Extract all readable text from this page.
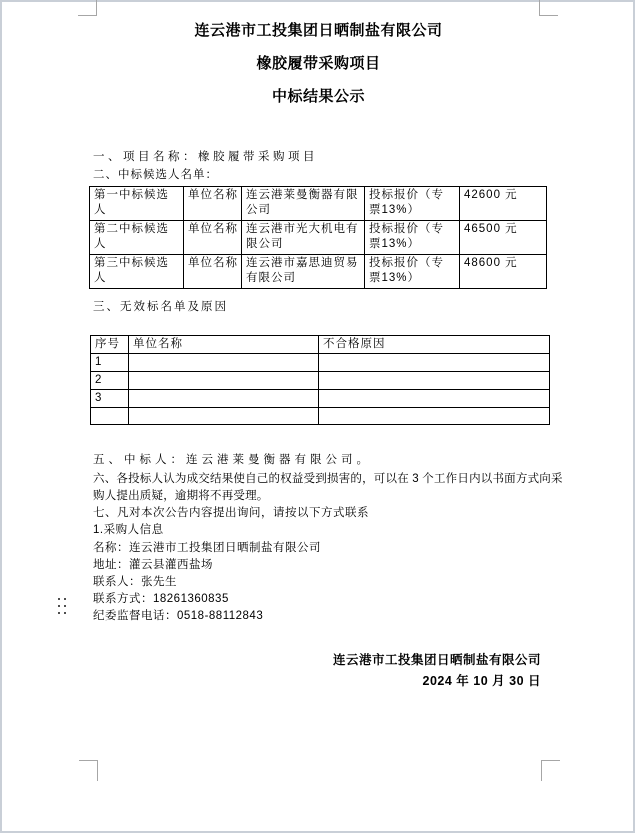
连云港市工投集团日晒制盐有限公司
橡胶履带采购项目
中标结果公示
一、项目名称：橡胶履带采购项目
二、中标候选人名单：
第一中标候选人	单位名称	连云港莱曼衡器有限公司	投标报价（专票13%）	42600 元
第二中标候选人	单位名称	连云港市光大机电有限公司	投标报价（专票13%）	46500 元
第三中标候选人	单位名称	连云港市嘉思迪贸易有限公司	投标报价（专票13%）	48600 元
三、无效标名单及原因
序号	单位名称	不合格原因
1		
2		
3		

五、中标人：连云港莱曼衡器有限公司。
六、各投标人认为成交结果使自己的权益受到损害的，可以在 3 个工作日内以书面方式向采
购人提出质疑，逾期将不再受理。
七、凡对本次公告内容提出询问，请按以下方式联系
1.采购人信息
名称：连云港市工投集团日晒制盐有限公司
地址：灌云县灌西盐场
联系人：张先生
联系方式：18261360835
纪委监督电话：0518-88112843
连云港市工投集团日晒制盐有限公司
2024 年 10 月 30 日
